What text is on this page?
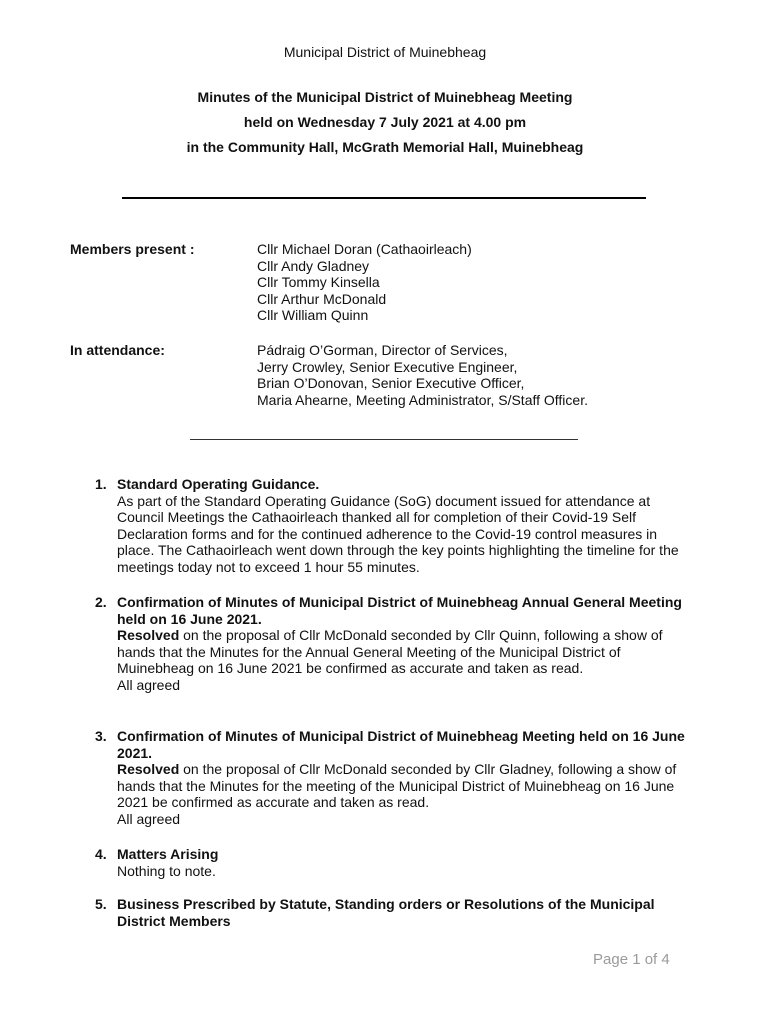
Municipal District of Muinebheag
Minutes of the Municipal District of Muinebheag Meeting
held on Wednesday 7 July 2021 at 4.00 pm
in the Community Hall, McGrath Memorial Hall, Muinebheag
Members present :	Cllr Michael Doran (Cathaoirleach)
Cllr Andy Gladney
Cllr Tommy Kinsella
Cllr Arthur McDonald
Cllr William Quinn
In attendance:	Pádraig O’Gorman, Director of Services,
Jerry Crowley, Senior Executive Engineer,
Brian O’Donovan, Senior Executive Officer,
Maria Ahearne, Meeting Administrator, S/Staff Officer.
1. Standard Operating Guidance.
As part of the Standard Operating Guidance (SoG) document issued for attendance at Council Meetings the Cathaoirleach thanked all for completion of their Covid-19 Self Declaration forms and for the continued adherence to the Covid-19 control measures in place. The Cathaoirleach went down through the key points highlighting the timeline for the meetings today not to exceed 1 hour 55 minutes.
2. Confirmation of Minutes of Municipal District of Muinebheag Annual General Meeting held on 16 June 2021.
Resolved on the proposal of Cllr McDonald seconded by Cllr Quinn, following a show of hands that the Minutes for the Annual General Meeting of the Municipal District of Muinebheag on 16 June 2021 be confirmed as accurate and taken as read.
All agreed
3. Confirmation of Minutes of Municipal District of Muinebheag Meeting held on 16 June 2021.
Resolved on the proposal of Cllr McDonald seconded by Cllr Gladney, following a show of hands that the Minutes for the meeting of the Municipal District of Muinebheag on 16 June 2021 be confirmed as accurate and taken as read.
All agreed
4. Matters Arising
Nothing to note.
5. Business Prescribed by Statute, Standing orders or Resolutions of the Municipal District Members
Page 1 of 4
